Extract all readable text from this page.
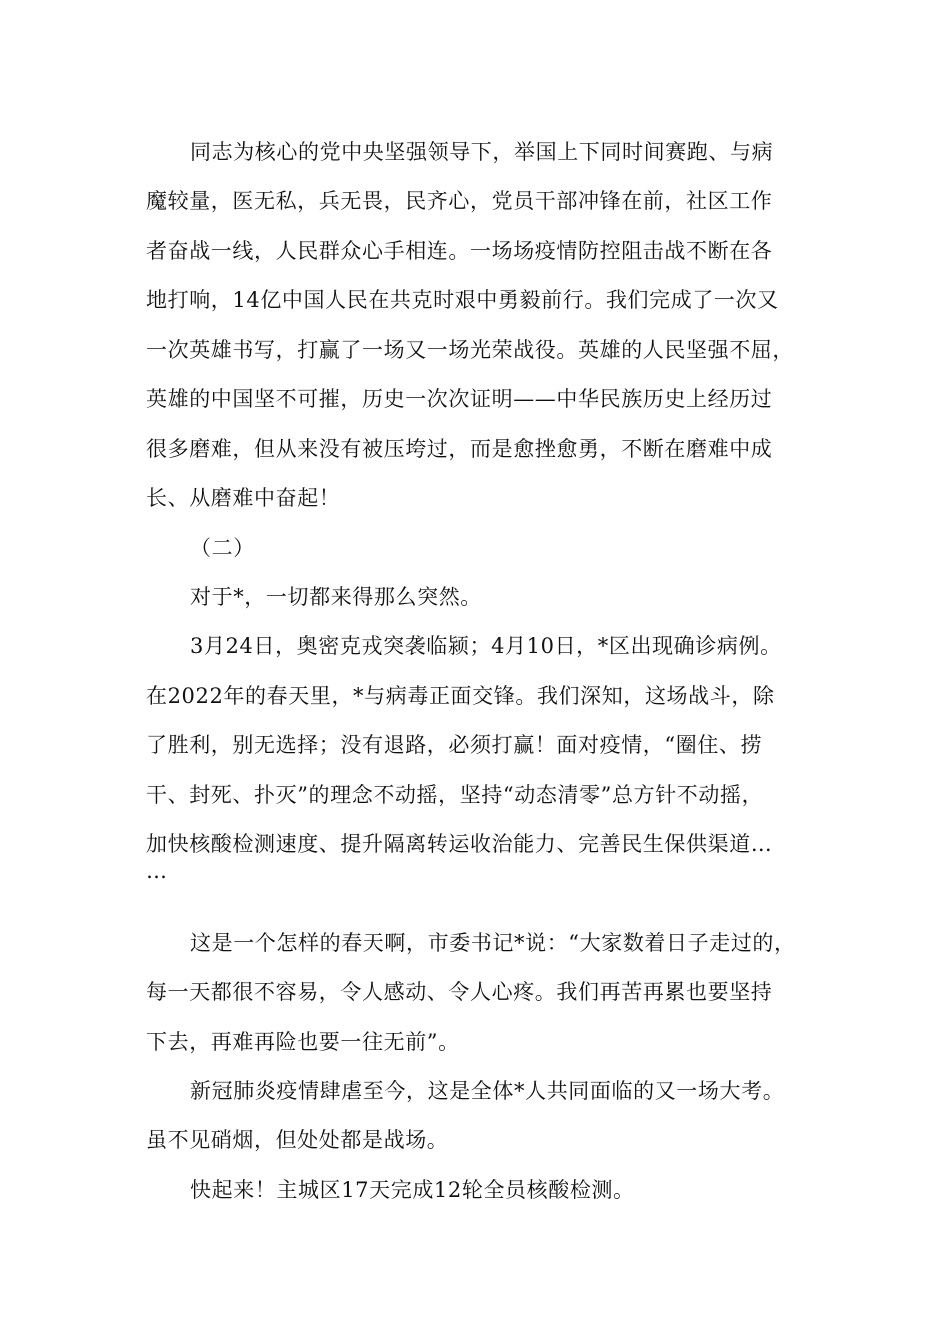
同志为核心的党中央坚强领导下，举国上下同时间赛跑、与病
魔较量，医无私，兵无畏，民齐心，党员干部冲锋在前，社区工作
者奋战一线，人民群众心手相连。一场场疫情防控阻击战不断在各
地打响，14亿中国人民在共克时艰中勇毅前行。我们完成了一次又
一次英雄书写，打赢了一场又一场光荣战役。英雄的人民坚强不屈，
英雄的中国坚不可摧，历史一次次证明——中华民族历史上经历过
很多磨难，但从来没有被压垮过，而是愈挫愈勇，不断在磨难中成
长、从磨难中奋起！
（二）
对于*，一切都来得那么突然。
3月24日，奥密克戎突袭临颍；4月10日，*区出现确诊病例。
在2022年的春天里，*与病毒正面交锋。我们深知，这场战斗，除
了胜利，别无选择；没有退路，必须打赢！面对疫情，“圈住、捞
干、封死、扑灭”的理念不动摇，坚持“动态清零”总方针不动摇，
加快核酸检测速度、提升隔离转运收治能力、完善民生保供渠道…
…
这是一个怎样的春天啊，市委书记*说：“大家数着日子走过的，
每一天都很不容易，令人感动、令人心疼。我们再苦再累也要坚持
下去，再难再险也要一往无前”。
新冠肺炎疫情肆虐至今，这是全体*人共同面临的又一场大考。
虽不见硝烟，但处处都是战场。
快起来！主城区17天完成12轮全员核酸检测。
